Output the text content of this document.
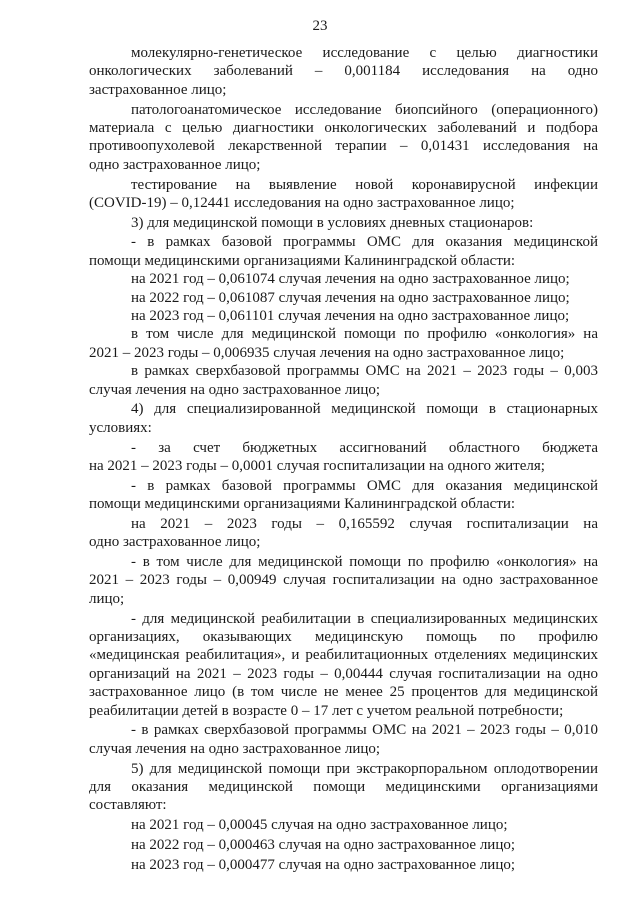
23
молекулярно-генетическое исследование с целью диагностики
онкологических заболеваний – 0,001184 исследования на одно
застрахованное лицо;
патологоанатомическое исследование биопсийного (операционного)
материала с целью диагностики онкологических заболеваний и подбора
противоопухолевой лекарственной терапии – 0,01431 исследования на
одно застрахованное лицо;
тестирование на выявление новой коронавирусной инфекции
(COVID-19) – 0,12441 исследования на одно застрахованное лицо;
3) для медицинской помощи в условиях дневных стационаров:
- в рамках базовой программы ОМС для оказания медицинской
помощи медицинскими организациями Калининградской области:
на 2021 год – 0,061074 случая лечения на одно застрахованное лицо;
на 2022 год – 0,061087 случая лечения на одно застрахованное лицо;
на 2023 год – 0,061101 случая лечения на одно застрахованное лицо;
в том числе для медицинской помощи по профилю «онкология» на
2021 – 2023 годы – 0,006935 случая лечения на одно застрахованное лицо;
в рамках сверхбазовой программы ОМС на 2021 – 2023 годы – 0,003
случая лечения на одно застрахованное лицо;
4) для специализированной медицинской помощи в стационарных
условиях:
- за счет бюджетных ассигнований областного бюджета
на 2021 – 2023 годы – 0,0001 случая госпитализации на одного жителя;
- в рамках базовой программы ОМС для оказания медицинской
помощи медицинскими организациями Калининградской области:
на 2021 – 2023 годы – 0,165592 случая госпитализации на
одно застрахованное лицо;
- в том числе для медицинской помощи по профилю «онкология» на
2021 – 2023 годы – 0,00949 случая госпитализации на одно застрахованное
лицо;
- для медицинской реабилитации в специализированных медицинских
организациях, оказывающих медицинскую помощь по профилю
«медицинская реабилитация», и реабилитационных отделениях медицинских
организаций на 2021 – 2023 годы – 0,00444 случая госпитализации на одно
застрахованное лицо (в том числе не менее 25 процентов для медицинской
реабилитации детей в возрасте 0 – 17 лет с учетом реальной потребности;
- в рамках сверхбазовой программы ОМС на 2021 – 2023 годы – 0,010
случая лечения на одно застрахованное лицо;
5) для медицинской помощи при экстракорпоральном оплодотворении
для оказания медицинской помощи медицинскими организациями
составляют:
на 2021 год – 0,00045 случая на одно застрахованное лицо;
на 2022 год – 0,000463 случая на одно застрахованное лицо;
на 2023 год – 0,000477 случая на одно застрахованное лицо;
